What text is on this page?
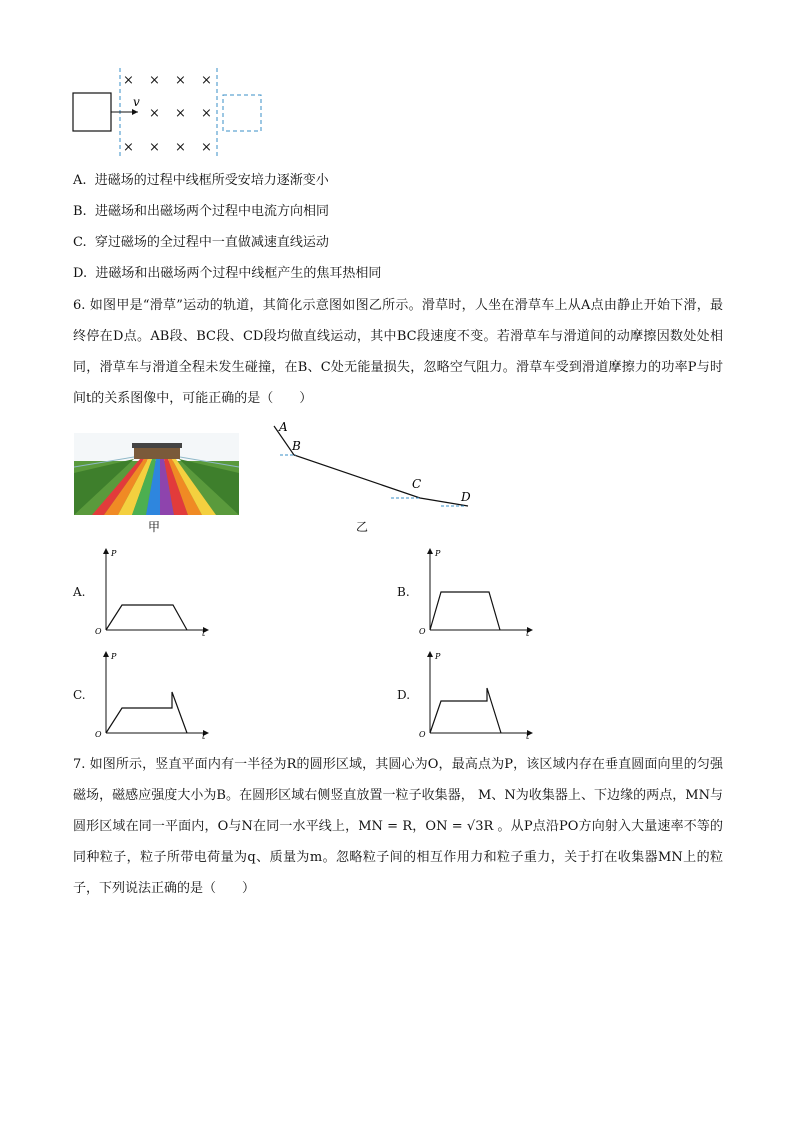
v
× × × ×
× × ×
× × × ×
A. 进磁场的过程中线框所受安培力逐渐变小
B. 进磁场和出磁场两个过程中电流方向相同
C. 穿过磁场的全过程中一直做减速直线运动
D. 进磁场和出磁场两个过程中线框产生的焦耳热相同
6. 如图甲是“滑草”运动的轨道，其简化示意图如图乙所示。滑草时，人坐在滑草车上从A点由静止开始下滑，最终停在D点。AB段、BC段、CD段均做直线运动，其中BC段速度不变。若滑草车与滑道间的动摩擦因数处处相同，滑草车与滑道全程未发生碰撞，在B、C处无能量损失，忽略空气阻力。滑草车受到滑道摩擦力的功率P与时间t的关系图像中，可能正确的是（　　）
甲
A
B
C
D
乙
A.
P
t
O
B.
P
t
O
C.
P
t
O
D.
P
t
O
7. 如图所示，竖直平面内有一半径为R的圆形区域，其圆心为O，最高点为P，该区域内存在垂直圆面向里的匀强磁场，磁感应强度大小为B。在圆形区域右侧竖直放置一粒子收集器， M、N为收集器上、下边缘的两点，MN与圆形区域在同一平面内，O与N在同一水平线上，MN = R，ON = √3R 。从P点沿PO方向射入大量速率不等的同种粒子，粒子所带电荷量为q、质量为m。忽略粒子间的相互作用力和粒子重力，关于打在收集器MN上的粒子，下列说法正确的是（　　）
